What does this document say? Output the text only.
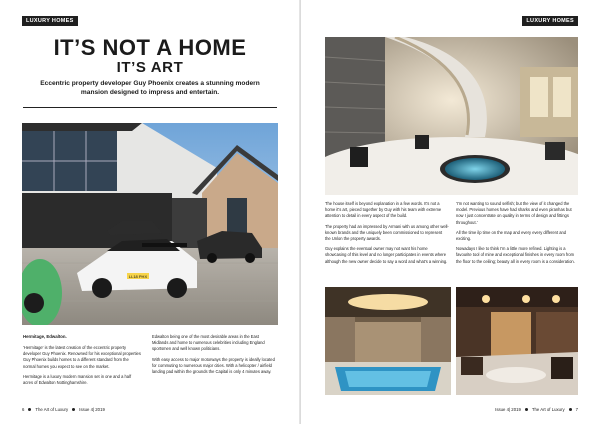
LUXURY HOMES
IT’S NOT A HOME
IT’S ART
Eccentric property developer Guy Phoenix creates a stunning modern mansion designed to impress and entertain.
LL18 PHX
Hermitage, Edwalton.

'Hermitage' is the latest creation of the eccentric property developer Guy Phoenix. Renowned for his exceptional properties Guy Phoenix builds homes to a different standard from the normal homes you expect to see on the market.

Hermitage is a luxury modern mansion set in one and a half acres of Edwalton Nottinghamshire.

Edwalton being one of the most desirable areas in the East Midlands and home to numerous celebrities including England sportsmen and well known politicians.

With easy access to major motorways the property is ideally located for commuting to numerous major cities. With a helicopter / airfield landing pad within the grounds the Capital is only 4 minutes away.

6	The Art of Luxury	Issue 4| 2019
LUXURY HOMES

The house itself is beyond explanation in a few words. It's not a home it's art, pieced together by Guy with his team with extreme attention to detail in every aspect of the build.

The property had an impressed by Armani with us among other well-known brands and the uniquely been commissioned to represent the Unlon the property awards.

Guy explains the eventual owner may not want his home showcasing of this level and no longer participates in events where although the new owner decide to say a word and what's a winning.

'I'm not wanting to sound selfish; but the view of it changed the model. Previous homes have had sharks and even piranhas but now I just concentrate on quality in terms of design and fittings throughout.'

All the time ilp time on the map and every every different and exciting.

Nowadays I like to think I'm a little more refined. Lighting is a favourite tool of mine and exceptional finishes in every room from the floor to the ceiling; beauty all in every room is a consideration.

Issue 4| 2019	The Art of Luxury	7
